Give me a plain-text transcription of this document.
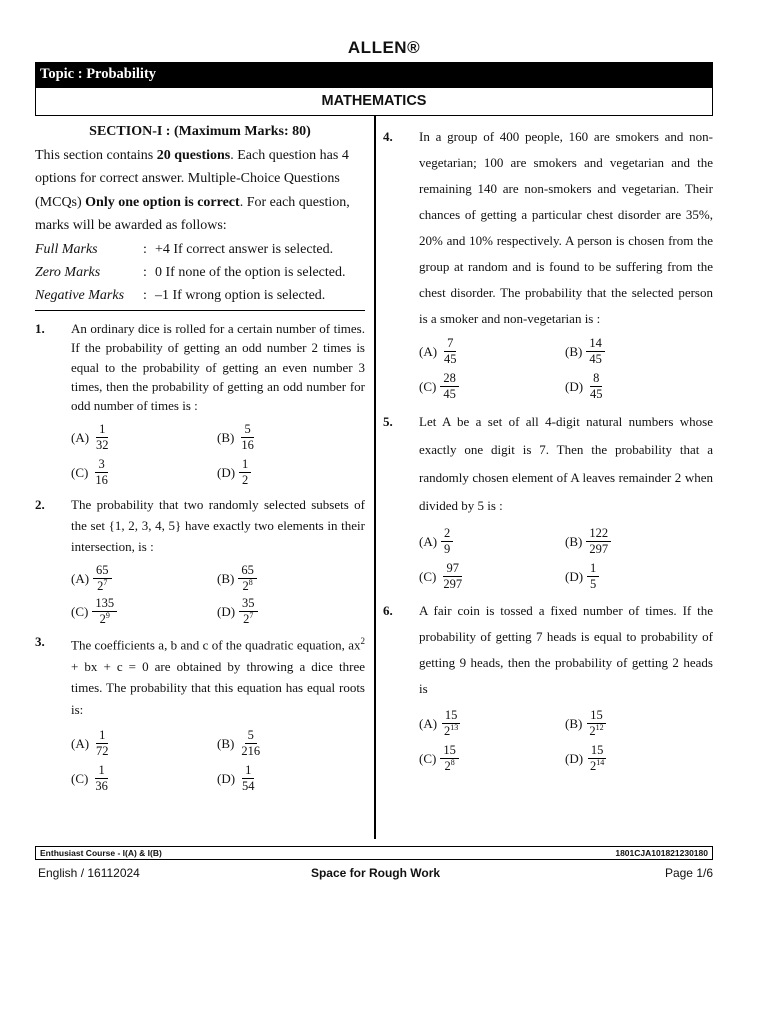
ALLEN®
Topic : Probability
MATHEMATICS
SECTION-I : (Maximum Marks: 80)
This section contains 20 questions. Each question has 4 options for correct answer. Multiple-Choice Questions (MCQs) Only one option is correct. For each question, marks will be awarded as follows:
Full Marks	: +4 If correct answer is selected.
Zero Marks	: 0 If none of the option is selected.
Negative Marks	: –1 If wrong option is selected.
1. An ordinary dice is rolled for a certain number of times. If the probability of getting an odd number 2 times is equal to the probability of getting an even number 3 times, then the probability of getting an odd number for odd number of times is :
$(A) \frac{1}{32}$	$(B) \frac{5}{16}$
$(C) \frac{3}{16}$	$(D) \frac{1}{2}$
2. The probability that two randomly selected subsets of the set {1, 2, 3, 4, 5} have exactly two elements in their intersection, is :
$(A) \frac{65}{2^7}$	$(B) \frac{65}{2^8}$
$(C) \frac{135}{2^9}$	$(D) \frac{35}{2^7}$
3. The coefficients a, b and c of the quadratic equation, $ax^2$ + bx + c = 0 are obtained by throwing a dice three times. The probability that this equation has equal roots is:
$(A) \frac{1}{72}$	$(B) \frac{5}{216}$
$(C) \frac{1}{36}$	$(D) \frac{1}{54}$
4. In a group of 400 people, 160 are smokers and non-vegetarian; 100 are smokers and vegetarian and the remaining 140 are non-smokers and vegetarian. Their chances of getting a particular chest disorder are 35%, 20% and 10% respectively. A person is chosen from the group at random and is found to be suffering from the chest disorder. The probability that the selected person is a smoker and non-vegetarian is :
$(A) \frac{7}{45}$	$(B) \frac{14}{45}$
$(C) \frac{28}{45}$	$(D) \frac{8}{45}$
5. Let A be a set of all 4-digit natural numbers whose exactly one digit is 7. Then the probability that a randomly chosen element of A leaves remainder 2 when divided by 5 is :
$(A) \frac{2}{9}$	$(B) \frac{122}{297}$
$(C) \frac{97}{297}$	$(D) \frac{1}{5}$
6. A fair coin is tossed a fixed number of times. If the probability of getting 7 heads is equal to probability of getting 9 heads, then the probability of getting 2 heads is
$(A) \frac{15}{2^{13}}$	$(B) \frac{15}{2^{12}}$
$(C) \frac{15}{2^8}$	$(D) \frac{15}{2^{14}}$
Enthusiast Course - I(A) & I(B)	1801CJA101821230180
English / 16112024	Space for Rough Work	Page 1/6
